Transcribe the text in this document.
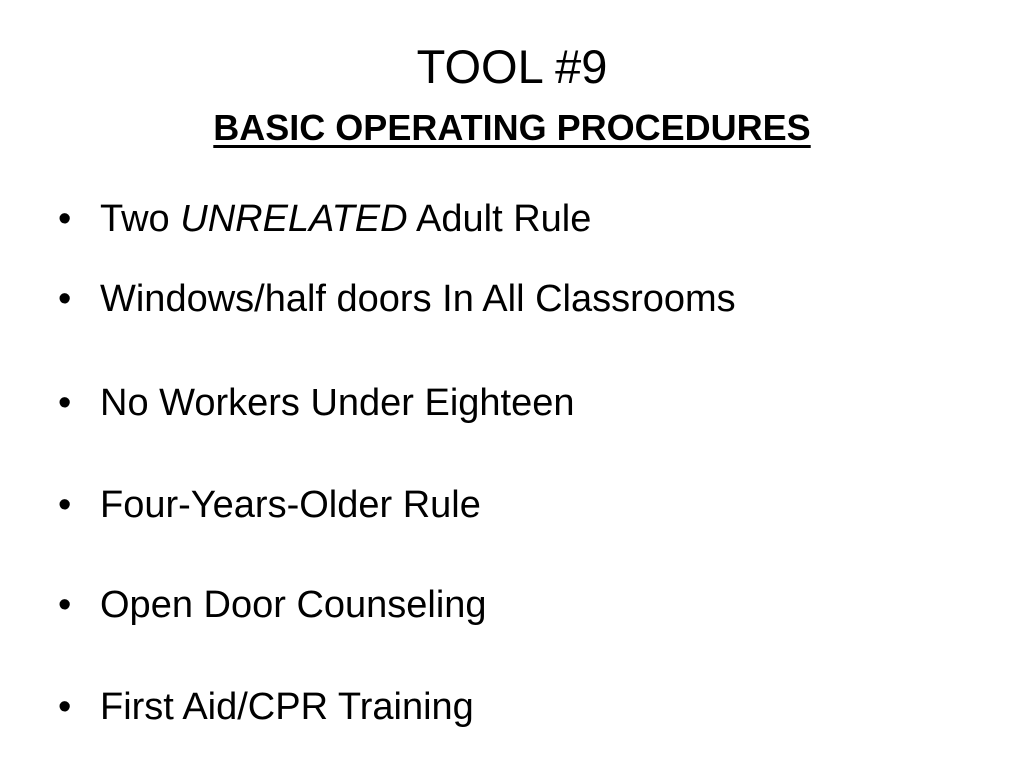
TOOL #9
BASIC OPERATING PROCEDURES
• Two UNRELATED Adult Rule
• Windows/half doors In All Classrooms
• No Workers Under Eighteen
• Four-Years-Older Rule
• Open Door Counseling
• First Aid/CPR Training
